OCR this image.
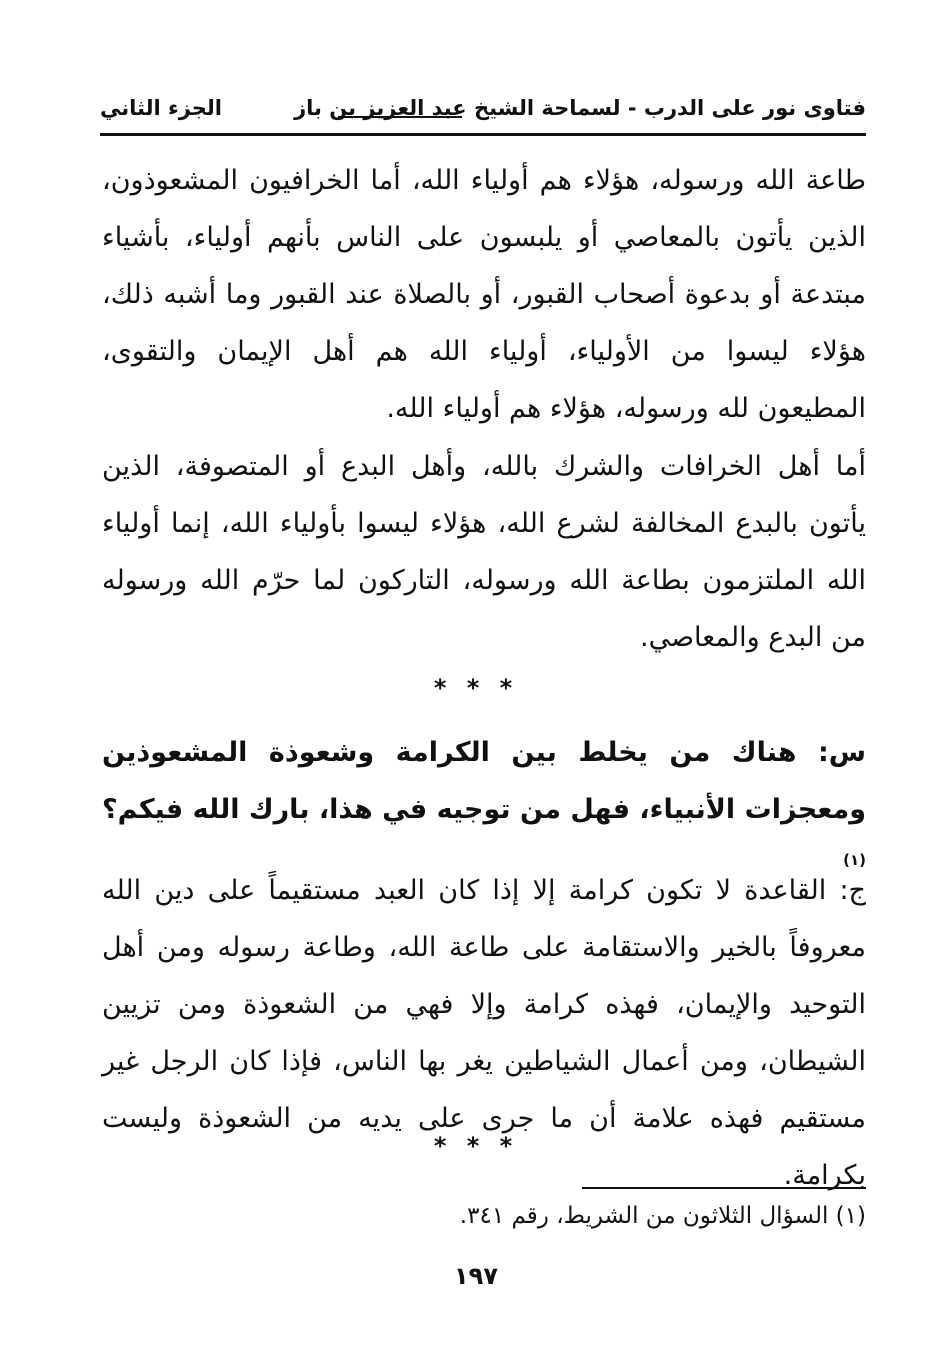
فتاوى نور على الدرب - لسماحة الشيخ عبد العزيز بن باز
الجزء الثاني

طاعة الله ورسوله، هؤلاء هم أولياء الله، أما الخرافيون المشعوذون، الذين يأتون بالمعاصي أو يلبسون على الناس بأنهم أولياء، بأشياء مبتدعة أو بدعوة أصحاب القبور، أو بالصلاة عند القبور وما أشبه ذلك، هؤلاء ليسوا من الأولياء، أولياء الله هم أهل الإيمان والتقوى، المطيعون لله ورسوله، هؤلاء هم أولياء الله.

أما أهل الخرافات والشرك بالله، وأهل البدع أو المتصوفة، الذين يأتون بالبدع المخالفة لشرع الله، هؤلاء ليسوا بأولياء الله، إنما أولياء الله الملتزمون بطاعة الله ورسوله، التاركون لما حرّم الله ورسوله من البدع والمعاصي.

* * *

س: هناك من يخلط بين الكرامة وشعوذة المشعوذين ومعجزات الأنبياء، فهل من توجيه في هذا، بارك الله فيكم؟$^{(١)}$

ج: القاعدة لا تكون كرامة إلا إذا كان العبد مستقيماً على دين الله معروفاً بالخير والاستقامة على طاعة الله، وطاعة رسوله ومن أهل التوحيد والإيمان، فهذه كرامة وإلا فهي من الشعوذة ومن تزيين الشيطان، ومن أعمال الشياطين يغر بها الناس، فإذا كان الرجل غير مستقيم فهذه علامة أن ما جرى على يديه من الشعوذة وليست بكرامة.

* * *

(١) السؤال الثلاثون من الشريط، رقم ٣٤١.

١٩٧
